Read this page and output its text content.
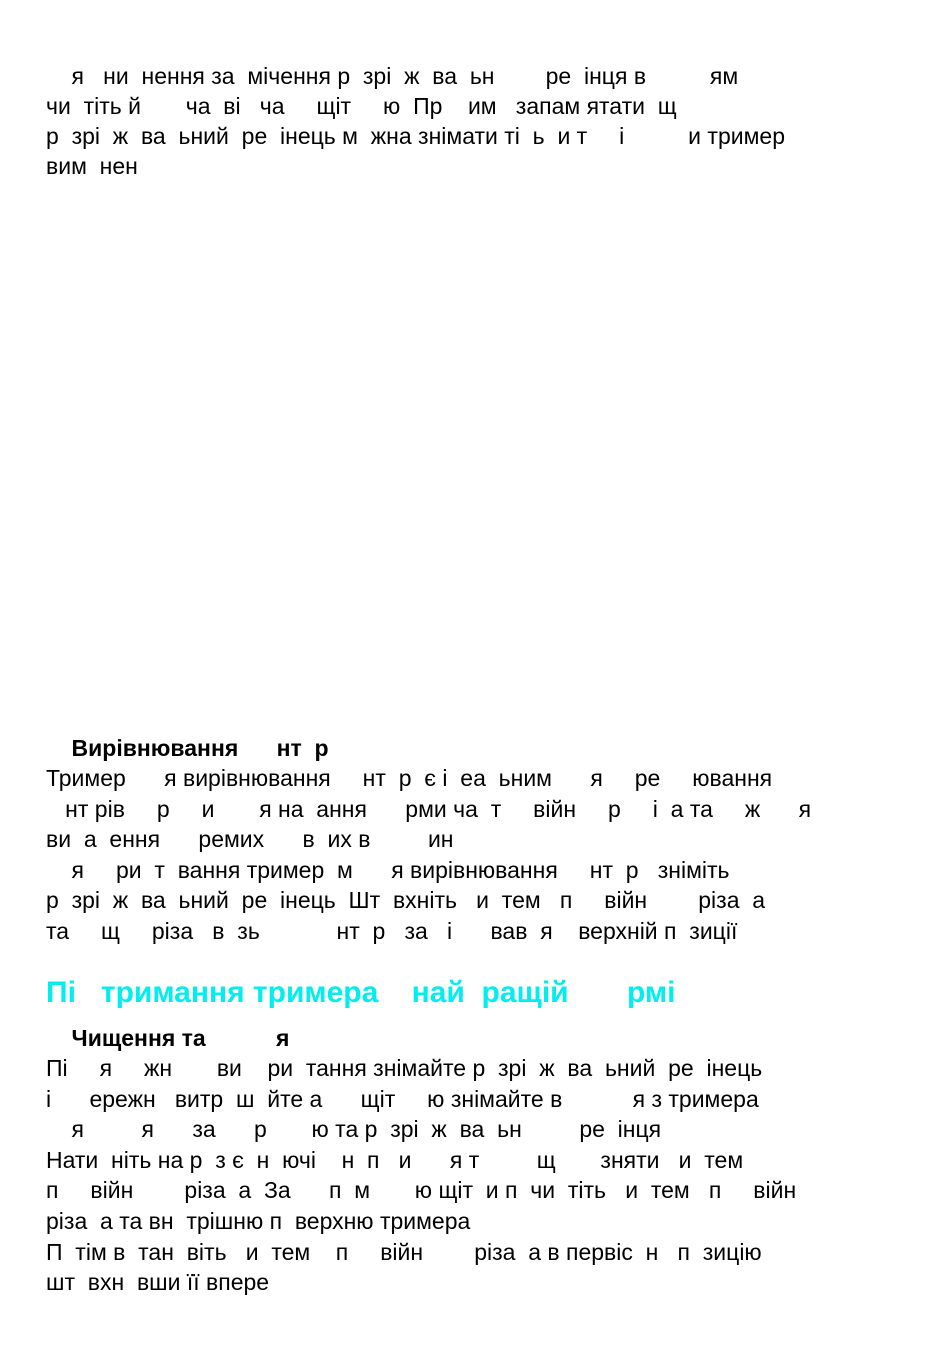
я   ни  нення за  мічення р  зрі  ж  ва  ьн        ре  інця в          ям
чи  тіть й       ча  ві   ча     щіт     ю  Пр    им   запам ятати  щ
р  зрі  ж  ва  ьний  ре  інець м  жна знімати ті  ь  и т     і          и тример
вим  нен
Вирівнювання      нт  р
Тример      я вирівнювання     нт  р  є і  еа  ьним      я     ре     ювання
нт рів     р     и       я на  ання      рми ча  т     війн     р     і  а та     ж      я
ви  а  ення      ремих      в  их в         ин
я     ри  т  вання тример  м      я вирівнювання     нт  р   зніміть
р  зрі  ж  ва  ьний  ре  інець  Шт  вхніть   и  тем   п     війн        різа  а
та     щ     різа   в  зь            нт  р   за   і      вав  я    верхній п  зиції
Пі   тримання тримера    най  ращій       рмі
Чищення та           я
Пі     я     жн       ви    ри  тання знімайте р  зрі  ж  ва  ьний  ре  інець
і      ережн   витр  ш  йте а      щіт     ю знімайте в           я з тримера
я         я      за      р       ю та р  зрі  ж  ва  ьн         ре  інця
Нати  ніть на р  з є  н  ючі    н  п   и      я т         щ       зняти   и  тем
п     війн        різа  а  За      п  м       ю щіт  и п  чи  тіть   и  тем   п     війн
різа  а та вн  трішню п  верхню тримера
П  тім в  тан  віть   и  тем    п     війн        різа  а в первіс  н   п  зицію
шт  вхн  вши її впере
